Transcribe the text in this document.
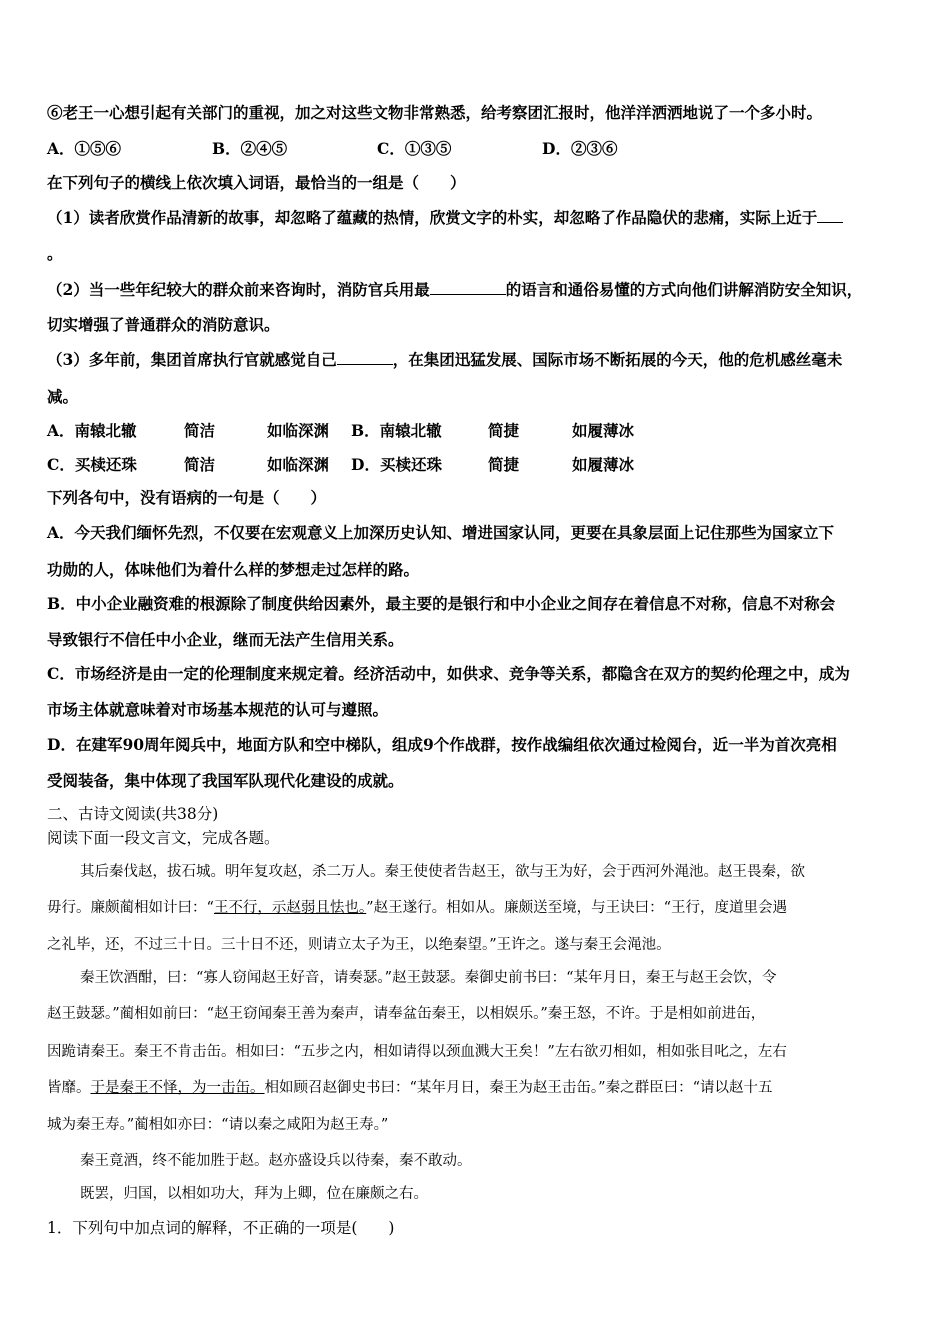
⑥老王一心想引起有关部门的重视，加之对这些文物非常熟悉，给考察团汇报时，他洋洋洒洒地说了一个多小时。
A．①⑤⑥	B．②④⑤	C．①③⑤	D．②③⑥
在下列句子的横线上依次填入词语，最恰当的一组是（　　）
（1）读者欣赏作品清新的故事，却忽略了蕴藏的热情，欣赏文字的朴实，却忽略了作品隐伏的悲痛，实际上近于
。
（2）当一些年纪较大的群众前来咨询时，消防官兵用最	的语言和通俗易懂的方式向他们讲解消防安全知识，
切实增强了普通群众的消防意识。
（3）多年前，集团首席执行官就感觉自己	，在集团迅猛发展、国际市场不断拓展的今天，他的危机感丝毫未
减。
A．南辕北辙	简洁	如临深渊 B．南辕北辙	简捷	如履薄冰
C．买椟还珠	简洁	如临深渊 D．买椟还珠	简捷	如履薄冰
下列各句中，没有语病的一句是（　　）
A．今天我们缅怀先烈，不仅要在宏观意义上加深历史认知、增进国家认同，更要在具象层面上记住那些为国家立下
功勋的人，体味他们为着什么样的梦想走过怎样的路。
B．中小企业融资难的根源除了制度供给因素外，最主要的是银行和中小企业之间存在着信息不对称，信息不对称会
导致银行不信任中小企业，继而无法产生信用关系。
C．市场经济是由一定的伦理制度来规定着。经济活动中，如供求、竞争等关系，都隐含在双方的契约伦理之中，成为
市场主体就意味着对市场基本规范的认可与遵照。
D．在建军90周年阅兵中，地面方队和空中梯队，组成9个作战群，按作战编组依次通过检阅台，近一半为首次亮相
受阅装备，集中体现了我国军队现代化建设的成就。
二、古诗文阅读(共38分)
阅读下面一段文言文，完成各题。
其后秦伐赵，拔石城。明年复攻赵，杀二万人。秦王使使者告赵王，欲与王为好，会于西河外渑池。赵王畏秦，欲
毋行。廉颇蔺相如计曰：“王不行，示赵弱且怯也。”赵王遂行。相如从。廉颇送至境，与王诀曰：“王行，度道里会遇
之礼毕，还，不过三十日。三十日不还，则请立太子为王，以绝秦望。”王许之。遂与秦王会渑池。
秦王饮酒酣，曰：“寡人窃闻赵王好音，请奏瑟。”赵王鼓瑟。秦御史前书曰：“某年月日，秦王与赵王会饮，令
赵王鼓瑟。”蔺相如前曰：“赵王窃闻秦王善为秦声，请奉盆缶秦王，以相娱乐。”秦王怒，不许。于是相如前进缶，
因跪请秦王。秦王不肯击缶。相如曰：“五步之内，相如请得以颈血溅大王矣！”左右欲刃相如，相如张目叱之，左右
皆靡。于是秦王不怿，为一击缶。相如顾召赵御史书曰：“某年月日，秦王为赵王击缶。”秦之群臣曰：“请以赵十五
城为秦王寿。”蔺相如亦曰：“请以秦之咸阳为赵王寿。”
秦王竟酒，终不能加胜于赵。赵亦盛设兵以待秦，秦不敢动。
既罢，归国，以相如功大，拜为上卿，位在廉颇之右。
1．下列句中加点词的解释，不正确的一项是(　　)
